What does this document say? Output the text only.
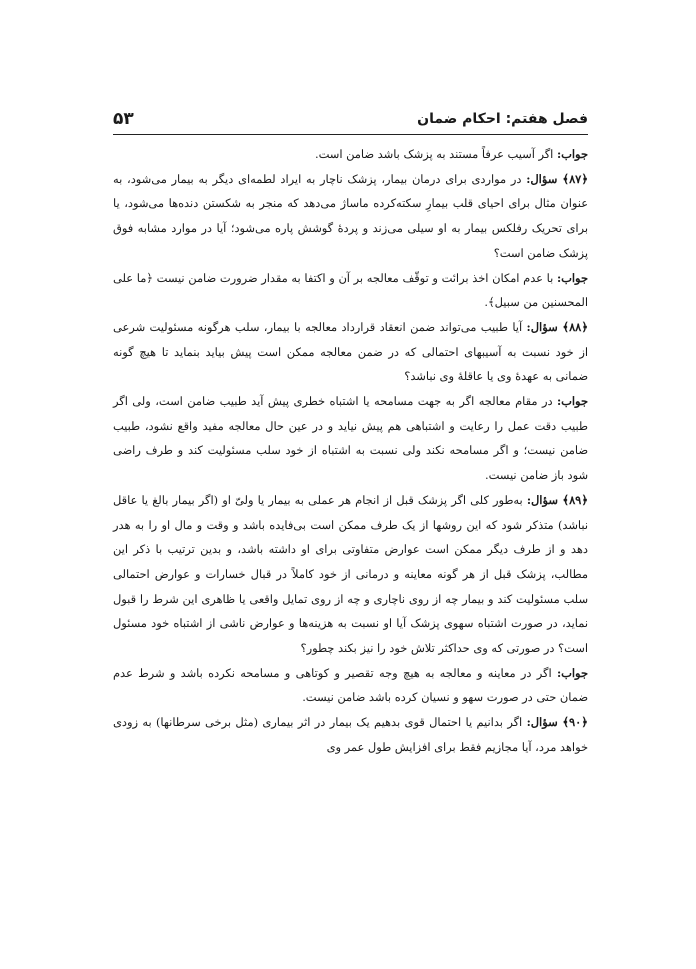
فصل هفتم: احکام ضمان
۵۳

جواب: اگر آسیب عرفاً مستند به پزشک باشد ضامن است.

﴿۸۷﴾ سؤال: در مواردی برای درمان بیمار، پزشک ناچار به ایراد لطمه‌ای دیگر به بیمار می‌شود، به عنوان مثال برای احیای قلب بیمارِ سکته‌کرده ماساژ می‌دهد که منجر به شکستن دنده‌ها می‌شود، یا برای تحریک رفلکس بیمار به او سیلی می‌زند و پردهٔ گوشش پاره می‌شود؛ آیا در موارد مشابه فوق پزشک ضامن است؟

جواب: با عدم امکان اخذ برائت و توقّف معالجه بر آن و اکتفا به مقدار ضرورت ضامن نیست ﴿ما علی المحسنین من سبیل﴾.

﴿۸۸﴾ سؤال: آیا طبیب می‌تواند ضمن انعقاد قرارداد معالجه با بیمار، سلب هرگونه مسئولیت شرعی از خود نسبت به آسیبهای احتمالی که در ضمن معالجه ممکن است پیش بیاید بنماید تا هیچ گونه ضمانی به عهدهٔ وی یا عاقلهٔ وی نباشد؟

جواب: در مقام معالجه اگر به جهت مسامحه یا اشتباه خطری پیش آید طبیب ضامن است، ولی اگر طبیب دقت عمل را رعایت و اشتباهی هم پیش نیاید و در عین حال معالجه مفید واقع نشود، طبیب ضامن نیست؛ و اگر مسامحه نکند ولی نسبت به اشتباه از خود سلب مسئولیت کند و طرف راضی شود باز ضامن نیست.

﴿۸۹﴾ سؤال: به‌طور کلی اگر پزشک قبل از انجام هر عملی به بیمار یا ولیّ او (اگر بیمار بالغ یا عاقل نباشد) متذکر شود که این روشها از یک طرف ممکن است بی‌فایده باشد و وقت و مال او را به هدر دهد و از طرف دیگر ممکن است عوارض متفاوتی برای او داشته باشد، و بدین ترتیب با ذکر این مطالب، پزشک قبل از هر گونه معاینه و درمانی از خود کاملاً در قبال خسارات و عوارض احتمالی سلب مسئولیت کند و بیمار چه از روی ناچاری و چه از روی تمایل واقعی یا ظاهری این شرط را قبول نماید، در صورت اشتباه سهوی پزشک آیا او نسبت به هزینه‌ها و عوارض ناشی از اشتباه خود مسئول است؟ در صورتی که وی حداکثر تلاش خود را نیز بکند چطور؟

جواب: اگر در معاینه و معالجه به هیچ وجه تقصیر و کوتاهی و مسامحه نکرده باشد و شرط عدم ضمان حتی در صورت سهو و نسیان کرده باشد ضامن نیست.

﴿۹۰﴾ سؤال: اگر بدانیم یا احتمال قوی بدهیم یک بیمار در اثر بیماری (مثل برخی سرطانها) به زودی خواهد مرد، آیا مجازیم فقط برای افزایش طول عمر وی
